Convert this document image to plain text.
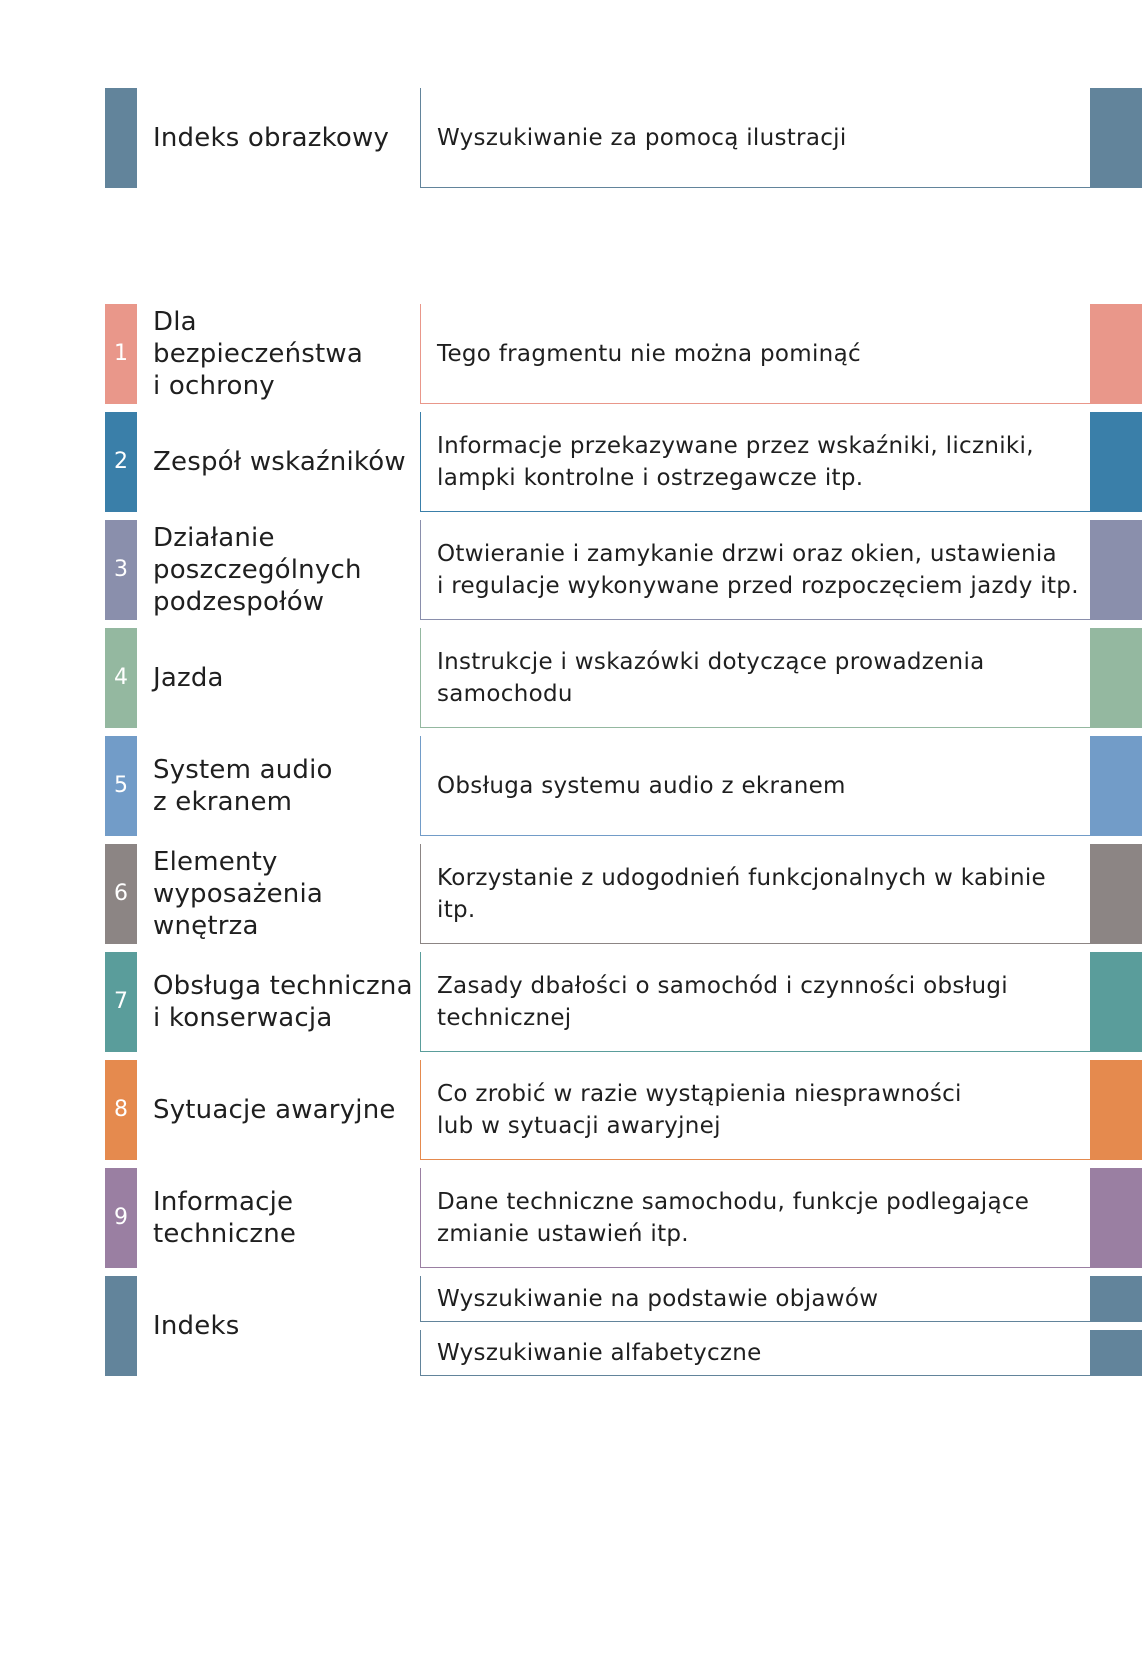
Indeks obrazkowy	Wyszukiwanie za pomocą ilustracji
1
Dla bezpieczeństwa
i ochrony
Tego fragmentu nie można pominąć
2 Zespół wskaźników
Informacje przekazywane przez wskaźniki, liczniki,
lampki kontrolne i ostrzegawcze itp.
3
Działanie
poszczególnych
podzespołów
Otwieranie i zamykanie drzwi oraz okien, ustawienia
i regulacje wykonywane przed rozpoczęciem jazdy itp.
4 Jazda
Instrukcje i wskazówki dotyczące prowadzenia
samochodu
5
System audio
z ekranem
Obsługa systemu audio z ekranem
6
Elementy
wyposażenia
wnętrza
Korzystanie z udogodnień funkcjonalnych w kabinie itp.
7
Obsługa techniczna
i konserwacja
Zasady dbałości o samochód i czynności obsługi
technicznej
8 Sytuacje awaryjne
Co zrobić w razie wystąpienia niesprawności
lub w sytuacji awaryjnej
9
Informacje
techniczne
Dane techniczne samochodu, funkcje podlegające
zmianie ustawień itp.
Indeks
Wyszukiwanie na podstawie objawów
Wyszukiwanie alfabetyczne
